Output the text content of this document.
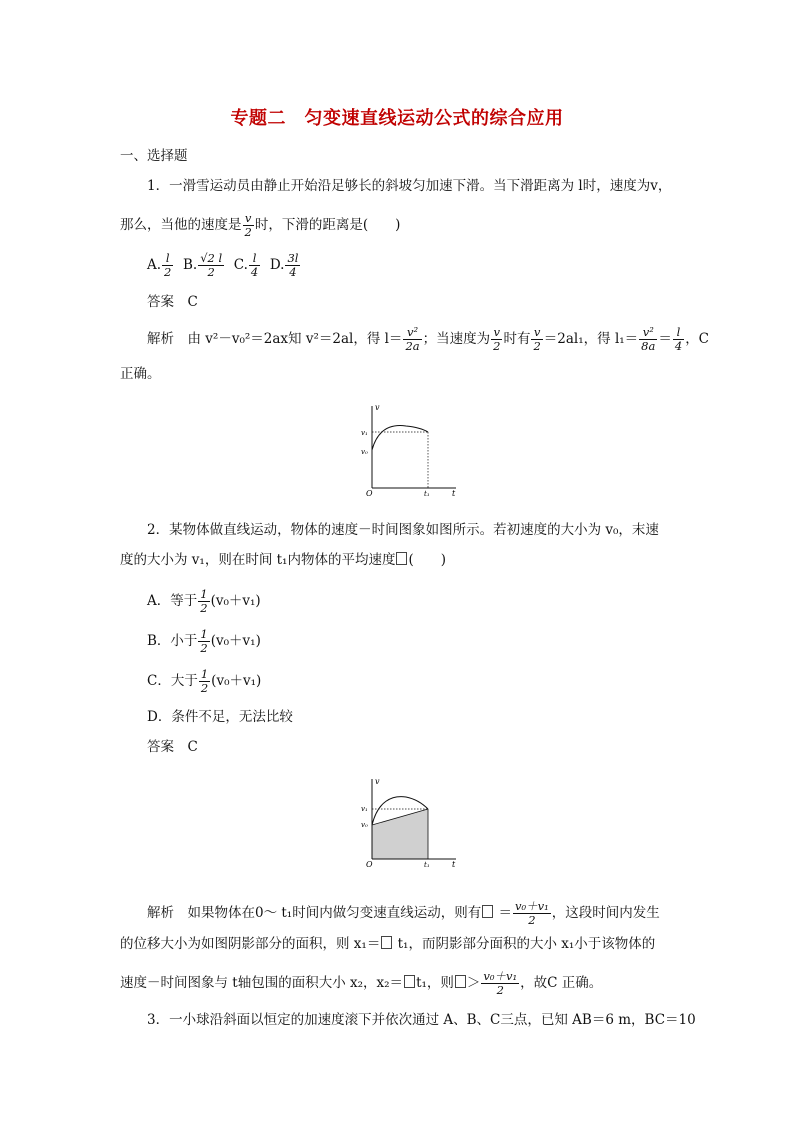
专题二　匀变速直线运动公式的综合应用
一、选择题
1．一滑雪运动员由静止开始沿足够长的斜坡匀加速下滑。当下滑距离为 l时，速度为v，
那么，当他的速度是 $\frac{v}{2}$ 时，下滑的距离是(　　)
A. $\frac{l}{2} B$. $\frac{√2 l}{2} C$. $\frac{l}{4} D$. $\frac{3l}{4}$
答案　C
解析　由 v²－v₀²＝2ax知 v²＝2al，得 $l= \frac{\text{v²}}{2a}$ ；当速度为 $\frac{v}{2}$ 时有 $\frac{v}{2} =2al_1$，得 $l_1= \frac{\text{v²}}{8a} = \frac{l}{4}$ ，C
正确。
v
t
O
v₀
v₁
t₁
2．某物体做直线运动，物体的速度－时间图象如图所示。若初速度的大小为 v₀，末速
度的大小为 v₁，则在时间 t₁内物体的平均速度 (　　)
A．等于 $\frac{1}{2} (v_0+v_1)$
B．小于 $\frac{1}{2} (v_0+v_1)$
C．大于 $\frac{1}{2} (v_0+v_1)$
D．条件不足，无法比较
答案　C
v
t
O
v₀
v₁
t₁
解析　如果物体在0～ t₁时间内做匀变速直线运动，则有 ＝ $\frac{\text{v₀＋v₁}}{2}$ ，这段时间内发生
的位移大小为如图阴影部分的面积，则 x₁＝ t₁，而阴影部分面积的大小 x₁小于该物体的
速度－时间图象与 t轴包围的面积大小 x₂，x₂＝ t₁，则 ＞ $\frac{\text{v₀＋v₁}}{2}$ ，故C 正确。
3．一小球沿斜面以恒定的加速度滚下并依次通过 A、B、C三点，已知 AB＝6 m，BC＝10
